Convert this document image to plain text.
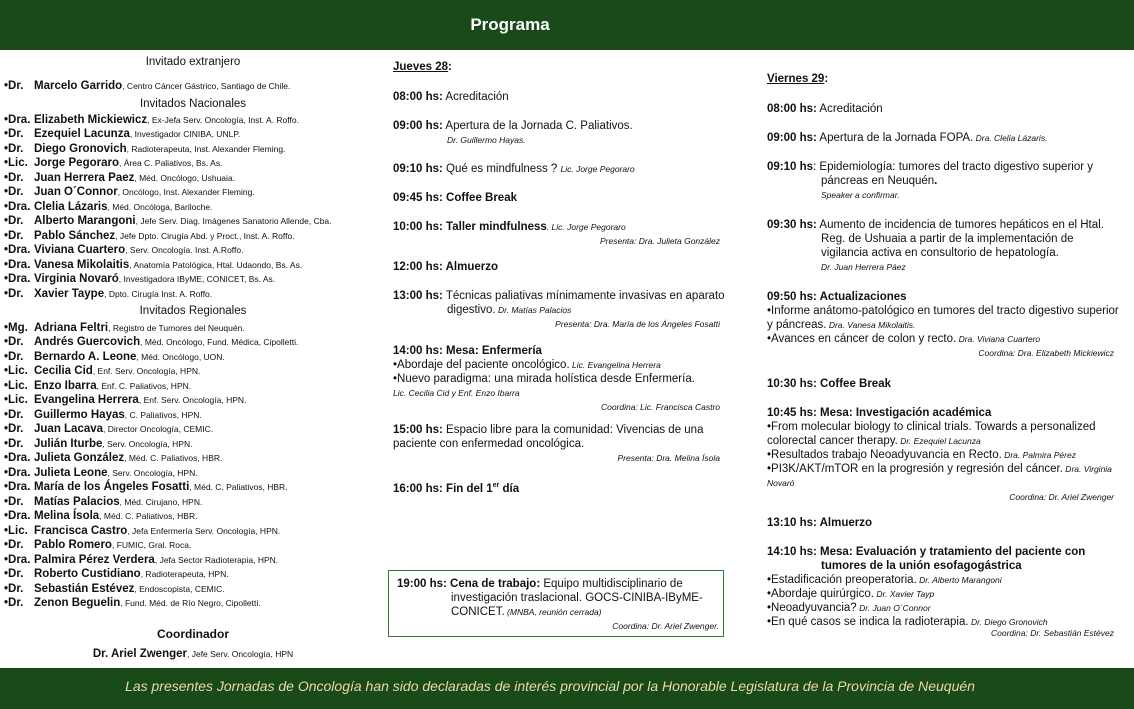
Programa
Invitado extranjero
•Dr. Marcelo Garrido, Centro Cáncer Gástrico, Santiago de Chile.
Invitados Nacionales
•Dra. Elizabeth Mickiewicz, Ex-Jefa Serv. Oncología, Inst. A. Roffo.
•Dr. Ezequiel Lacunza, Investigador CINIBA, UNLP.
•Dr. Diego Gronovich, Radioterapeuta, Inst. Alexander Fleming.
•Lic. Jorge Pegoraro, Área C. Paliativos, Bs. As.
•Dr. Juan Herrera Paez, Méd. Oncólogo, Ushuaia.
•Dr. Juan O´Connor, Oncólogo, Inst. Alexander Fleming.
•Dra. Clelia Lázaris, Méd. Oncóloga, Bariloche.
•Dr. Alberto Marangoni, Jefe Serv. Diag. Imágenes Sanatorio Allende, Cba.
•Dr. Pablo Sánchez, Jefe Dpto. Cirugía Abd. y Proct., Inst. A. Roffo.
•Dra. Viviana Cuartero, Serv. Oncología. Inst. A.Roffo.
•Dra. Vanesa Mikolaitis, Anatomía Patológica, Htal. Udaondo, Bs. As.
•Dra. Virginia Novaró, Investigadora IByME, CONICET, Bs. As.
•Dr. Xavier Taype, Dpto. Cirugía Inst. A. Roffo.
Invitados Regionales
•Mg. Adriana Feltri, Registro de Tumores del Neuquén.
•Dr. Andrés Guercovich, Méd. Oncólogo, Fund. Médica, Cipolletti.
•Dr. Bernardo A. Leone, Méd. Oncólogo, UON.
•Lic. Cecilia Cid, Enf. Serv. Oncología, HPN.
•Lic. Enzo Ibarra, Enf. C. Paliativos, HPN.
•Lic. Evangelina Herrera, Enf. Serv. Oncología, HPN.
•Dr. Guillermo Hayas, C. Paliativos, HPN.
•Dr. Juan Lacava, Director Oncología, CEMIC.
•Dr. Julián Iturbe, Serv. Oncología, HPN.
•Dra. Julieta González, Méd. C. Paliativos, HBR.
•Dra. Julieta Leone, Serv. Oncología, HPN.
•Dra. María de los Ángeles Fosatti, Méd. C. Paliativos, HBR.
•Dr. Matías Palacios, Méd. Cirujano, HPN.
•Dra. Melina Ísola, Méd. C. Paliativos, HBR.
•Lic. Francisca Castro, Jefa Enfermería Serv. Oncología, HPN.
•Dr. Pablo Romero, FUMIC, Gral. Roca.
•Dra. Palmira Pérez Verdera, Jefa Sector Radioterapia, HPN.
•Dr. Roberto Custidiano, Radioterapeuta, HPN.
•Dr. Sebastián Estévez, Endoscopista, CEMIC.
•Dr. Zenon Beguelin, Fund. Méd. de Río Negro, Cipolletti.
Coordinador
Dr. Ariel Zwenger, Jefe Serv. Oncología, HPN
Jueves 28:
08:00 hs: Acreditación
09:00 hs: Apertura de la Jornada C. Paliativos.
Dr. Guillermo Hayas.
09:10 hs: Qué es mindfulness ? Lic. Jorge Pegoraro
09:45 hs: Coffee Break
10:00 hs: Taller mindfulness. Lic. Jorge Pegoraro
Presenta: Dra. Julieta González
12:00 hs: Almuerzo
13:00 hs: Técnicas paliativas mínimamente invasivas en aparato digestivo. Dr. Matías Palacios
Presenta: Dra. María de los Ángeles Fosatti
14:00 hs: Mesa: Enfermería
•Abordaje del paciente oncológico. Lic. Evangelina Herrera
•Nuevo paradigma: una mirada holística desde Enfermería.
Lic. Cecilia Cid y Enf. Enzo Ibarra
Coordina: Lic. Francisca Castro
15:00 hs: Espacio libre para la comunidad: Vivencias de una paciente con enfermedad oncológica.
Presenta: Dra. Melina Ísola
16:00 hs: Fin del 1er día
19:00 hs: Cena de trabajo: Equipo multidisciplinario de investigación traslacional. GOCS-CINIBA-IByME-CONICET. (MNBA, reunión cerrada)
Coordina: Dr. Ariel Zwenger.
Viernes 29:
08:00 hs: Acreditación
09:00 hs: Apertura de la Jornada FOPA. Dra. Clelia Lázaris.
09:10 hs: Epidemiología: tumores del tracto digestivo superior y páncreas en Neuquén.
Speaker a confirmar.
09:30 hs: Aumento de incidencia de tumores hepáticos en el Htal. Reg. de Ushuaia a partir de la implementación de vigilancia activa en consultorio de hepatología.
Dr. Juan Herrera Páez
09:50 hs: Actualizaciones
•Informe anátomo-patológico en tumores del tracto digestivo superior y páncreas. Dra. Vanesa Mikolaitis.
•Avances en cáncer de colon y recto. Dra. Viviana Cuartero
Coordina: Dra. Elizabeth Mickiewicz
10:30 hs: Coffee Break
10:45 hs: Mesa: Investigación académica
•From molecular biology to clinical trials. Towards a personalized colorectal cancer therapy. Dr. Ezequiel Lacunza
•Resultados trabajo Neoadyuvancia en Recto. Dra. Palmira Pérez
•PI3K/AKT/mTOR en la progresión y regresión del cáncer. Dra. Virginia Novaró
Coordina: Dr. Ariel Zwenger
13:10 hs: Almuerzo
14:10 hs: Mesa: Evaluación y tratamiento del paciente con tumores de la unión esofagogástrica
•Estadificación preoperatoria. Dr. Alberto Marangoni
•Abordaje quirúrgico. Dr. Xavier Tayp
•Neoadyuvancia? Dr. Juan O´Connor
•En qué casos se indica la radioterapia. Dr. Diego Gronovich
Coordina: Dr. Sebastián Estévez
Las presentes Jornadas de Oncología han sido declaradas de interés provincial por la Honorable Legislatura de la Provincia de Neuquén
